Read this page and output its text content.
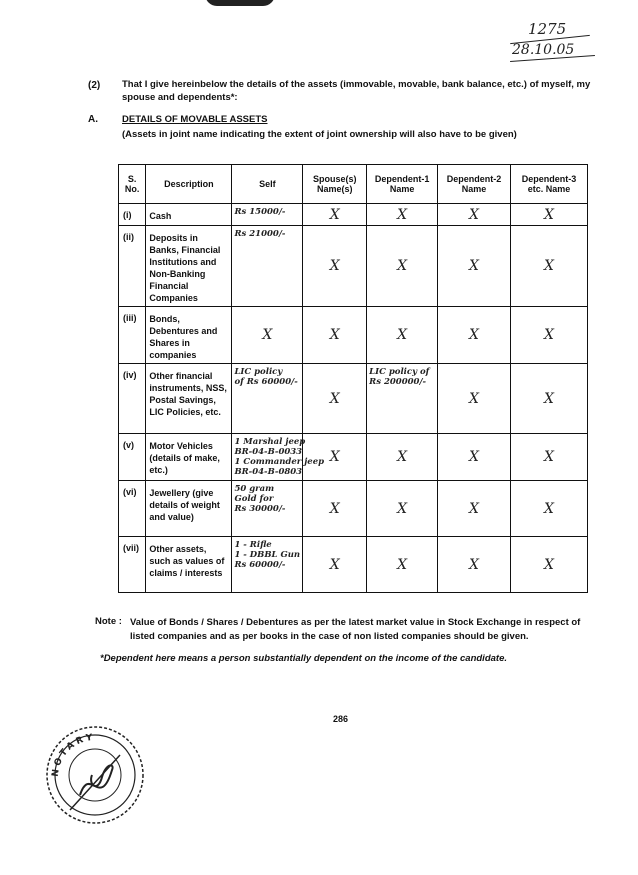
1275
28.10.05
(2) That I give hereinbelow the details of the assets (immovable, movable, bank balance, etc.) of myself, my spouse and dependents*:
A.	DETAILS OF MOVABLE ASSETS
(Assets in joint name indicating the extent of joint ownership will also have to be given)
S. No.	Description	Self	Spouse(s) Name(s)	Dependent-1 Name	Dependent-2 Name	Dependent-3 etc. Name
(i)	Cash	Rs 15000/-	X	X	X	X
(ii)	Deposits in Banks, Financial Institutions and Non-Banking Financial Companies	Rs 21000/-	X	X	X	X
(iii)	Bonds, Debentures and Shares in companies	X	X	X	X	X
(iv)	Other financial instruments, NSS, Postal Savings, LIC Policies, etc.	LIC policy
of Rs 60000/-	X	LIC policy of Rs 200000/-	X	X
(v)	Motor Vehicles (details of make, etc.)	1 Marshal jeep
BR-04-B-0033
1 Commander jeep
BR-04-B-0803	X	X	X	X
(vi)	Jewellery (give details of weight and value)	50 gram
Gold for
Rs 30000/-	X	X	X	X
(vii)	Other assets, such as values of claims / interests	1 - Rifle
1 - DBBL Gun
Rs 60000/-	X	X	X	X
Note : Value of Bonds / Shares / Debentures as per the latest market value in Stock Exchange in respect of listed companies and as per books in the case of non listed companies should be given.
*Dependent here means a person substantially dependent on the income of the candidate.
286
NOTARY
